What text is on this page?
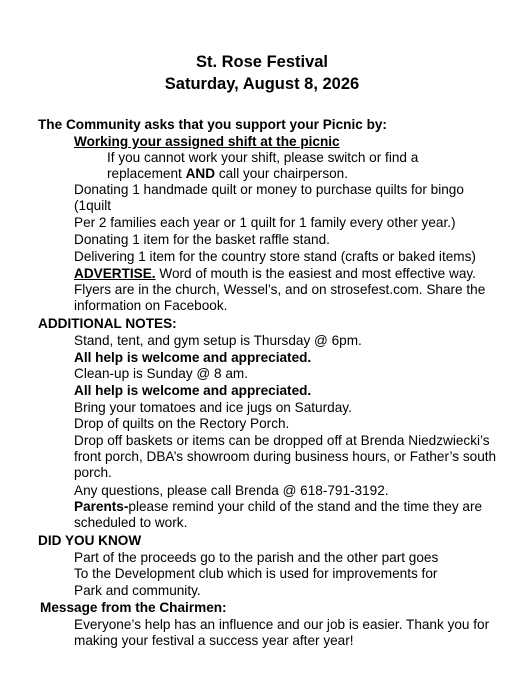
St. Rose Festival
Saturday, August 8, 2026
The Community asks that you support your Picnic by:
Working your assigned shift at the picnic
If you cannot work your shift, please switch or find a
replacement AND call your chairperson.
Donating 1 handmade quilt or money to purchase quilts for bingo
(1quilt
Per 2 families each year or 1 quilt for 1 family every other year.)
Donating 1 item for the basket raffle stand.
Delivering 1 item for the country store stand (crafts or baked items)
ADVERTISE. Word of mouth is the easiest and most effective way.
Flyers are in the church, Wessel’s, and on strosefest.com. Share the
information on Facebook.
ADDITIONAL NOTES:
Stand, tent, and gym setup is Thursday @ 6pm.
All help is welcome and appreciated.
Clean-up is Sunday @ 8 am.
All help is welcome and appreciated.
Bring your tomatoes and ice jugs on Saturday.
Drop of quilts on the Rectory Porch.
Drop off baskets or items can be dropped off at Brenda Niedzwiecki’s
front porch, DBA’s showroom during business hours, or Father’s south
porch.
Any questions, please call Brenda @ 618-791-3192.
Parents-please remind your child of the stand and the time they are
scheduled to work.
DID YOU KNOW
Part of the proceeds go to the parish and the other part goes
To the Development club which is used for improvements for
Park and community.
Message from the Chairmen:
Everyone’s help has an influence and our job is easier. Thank you for
making your festival a success year after year!
